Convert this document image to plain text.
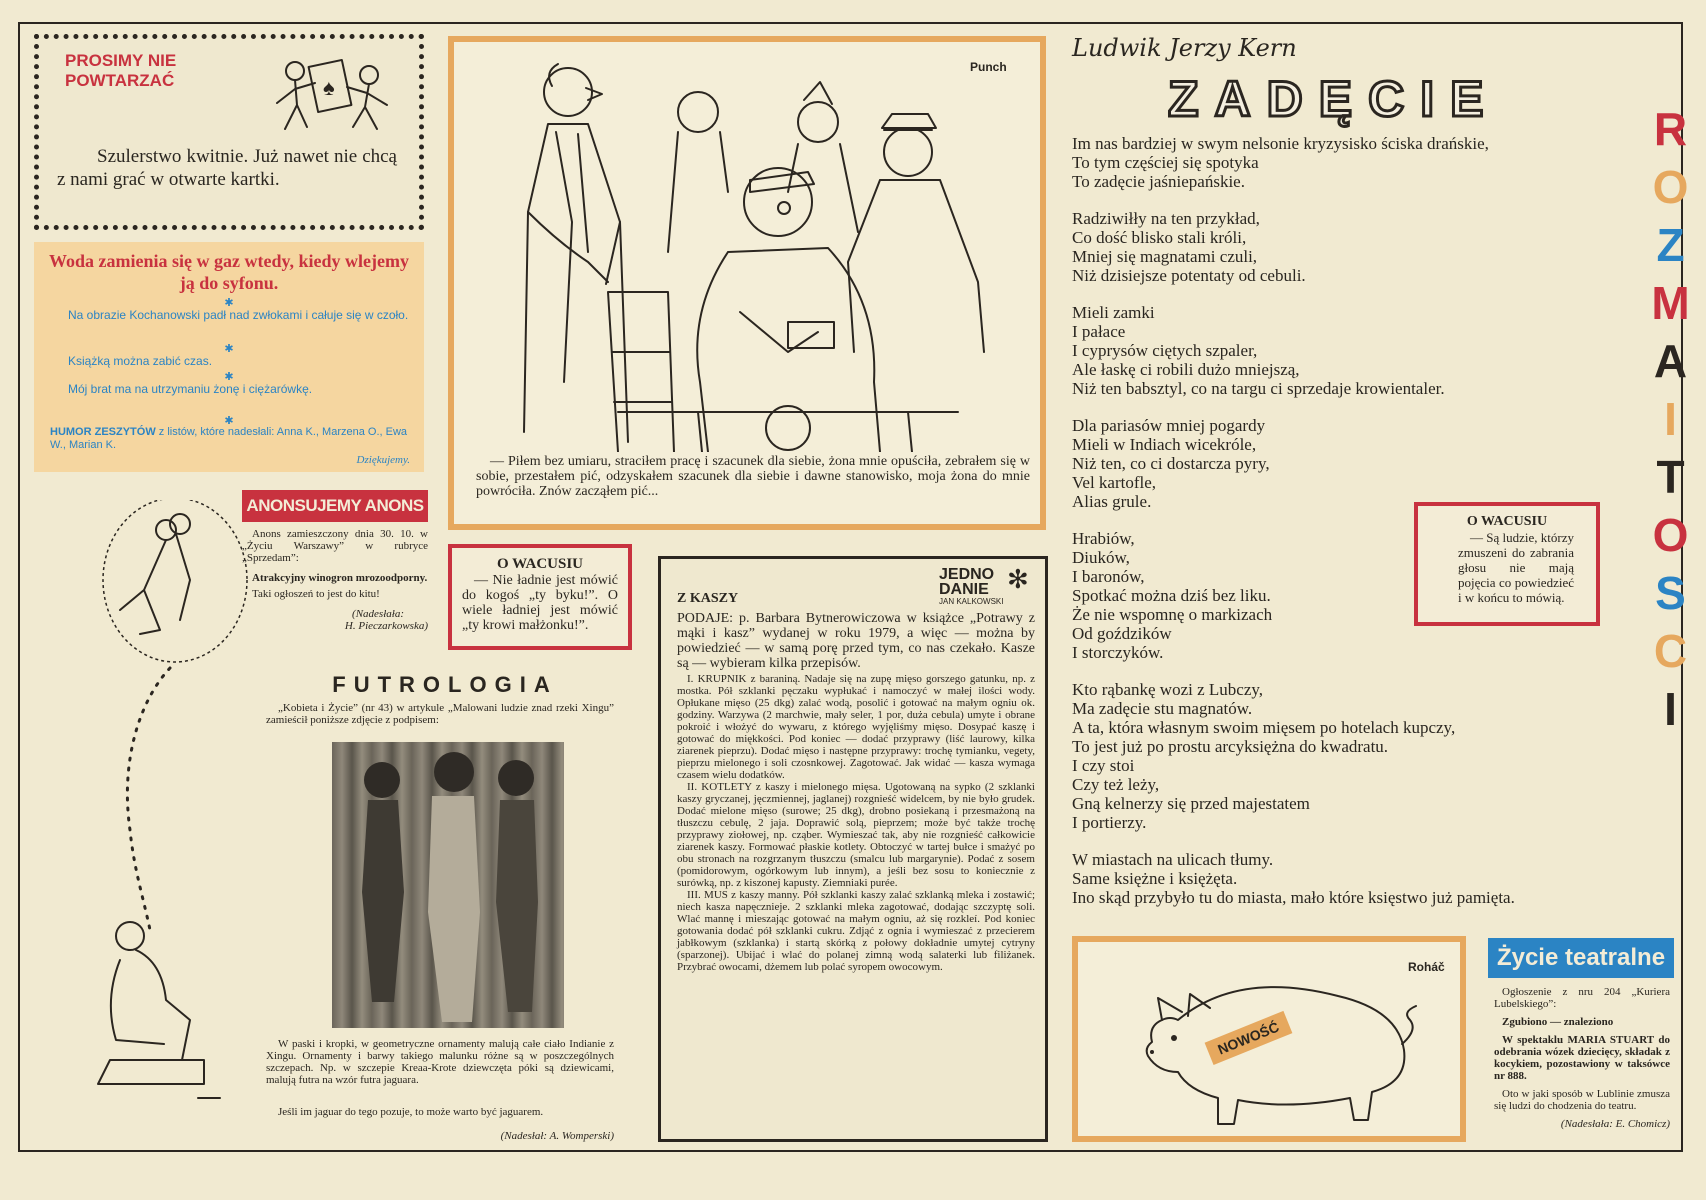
PROSIMY NIE
POWTARZAĆ	♠
Szulerstwo kwitnie. Już nawet nie chcą z nami grać w otwarte kartki.
Woda zamienia się w gaz wtedy, kiedy wlejemy ją do syfonu.
✱
Na obrazie Kochanowski padł nad zwłokami i całuje się w czoło.
✱
Książką można zabić czas.
✱
Mój brat ma na utrzymaniu żonę i ciężarówkę.
✱
HUMOR ZESZYTÓW z listów, które nadesłali: Anna K., Marzena O., Ewa W., Marian K.
Dziękujemy.
Punch
— Piłem bez umiaru, straciłem pracę i szacunek dla siebie, żona mnie opuściła, zebrałem się w sobie, przestałem pić, odzyskałem szacunek dla siebie i dawne stanowisko, moja żona do mnie powróciła. Znów zacząłem pić...
Ludwik Jerzy Kern
ZADĘCIE
Im nas bardziej w swym nelsonie kryzysisko ściska drańskie,
To tym częściej się spotyka
To zadęcie jaśniepańskie.
Radziwiłły na ten przykład,
Co dość blisko stali króli,
Mniej się magnatami czuli,
Niż dzisiejsze potentaty od cebuli.
Mieli zamki
I pałace
I cyprysów ciętych szpaler,
Ale łaskę ci robili dużo mniejszą,
Niż ten babsztyl, co na targu ci sprzedaje krowientaler.
Dla pariasów mniej pogardy
Mieli w Indiach wicekróle,
Niż ten, co ci dostarcza pyry,
Vel kartofle,
Alias grule.
Hrabiów,
Diuków,
I baronów,
Spotkać można dziś bez liku.
Że nie wspomnę o markizach
Od goździków
I storczyków.
Kto rąbankę wozi z Lubczy,
Ma zadęcie stu magnatów.
A ta, która własnym swoim mięsem po hotelach kupczy,
To jest już po prostu arcyksiężna do kwadratu.
I czy stoi
Czy też leży,
Gną kelnerzy się przed majestatem
I portierzy.
W miastach na ulicach tłumy.
Same księżne i księżęta.
Ino skąd przybyło tu do miasta, mało które księstwo już pamięta.
R
O
Z
M
A
I
T
O
S
C
I
ANONSUJEMY ANONS
Anons zamieszczony dnia 30. 10. w „Życiu Warszawy” w rubryce „Sprzedam”:
Atrakcyjny winogron mrozoodporny.
Taki ogłoszeń to jest do kitu!
(Nadesłała:
H. Pieczarkowska)
O WACUSIU
— Nie ładnie jest mówić do kogoś „ty byku!”. O wiele ładniej jest mówić „ty krowi małżonku!”.
O WACUSIU
— Są ludzie, którzy zmuszeni do zabrania głosu nie mają pojęcia co powiedzieć i w końcu to mówią.
FUTROLOGIA
„Kobieta i Życie” (nr 43) w artykule „Malowani ludzie znad rzeki Xingu” zamieścił poniższe zdjęcie z podpisem:
W paski i kropki, w geometryczne ornamenty malują całe ciało Indianie z Xingu. Ornamenty i barwy takiego malunku różne są w poszczególnych szczepach. Np. w szczepie Kreaa-Krote dziewczęta póki są dziewicami, malują futra na wzór futra jaguara.
Jeśli im jaguar do tego pozuje, to może warto być jaguarem.
(Nadesłał: A. Womperski)
JEDNO
DANIE
JAN KALKOWSKI
✻
Z KASZY
PODAJE: p. Barbara Bytnerowiczowa w książce „Potrawy z mąki i kasz” wydanej w roku 1979, a więc — można by powiedzieć — w samą porę przed tym, co nas czekało. Kasze są — wybieram kilka przepisów.

I. KRUPNIK z baraniną. Nadaje się na zupę mięso gorszego gatunku, np. z mostka. Pół szklanki pęczaku wypłukać i namoczyć w małej ilości wody. Opłukane mięso (25 dkg) zalać wodą, posolić i gotować na małym ogniu ok. godziny. Warzywa (2 marchwie, mały seler, 1 por, duża cebula) umyte i obrane pokroić i włożyć do wywaru, z którego wyjęliśmy mięso. Dosypać kaszę i gotować do miękkości. Pod koniec — dodać przyprawy (liść laurowy, kilka ziarenek pieprzu). Dodać mięso i następne przyprawy: trochę tymianku, vegety, pieprzu mielonego i soli czosnkowej. Zagotować. Jak widać — kasza wymaga czasem wielu dodatków.

II. KOTLETY z kaszy i mielonego mięsa. Ugotowaną na sypko (2 szklanki kaszy gryczanej, jęczmiennej, jaglanej) rozgnieść widelcem, by nie było grudek. Dodać mielone mięso (surowe; 25 dkg), drobno posiekaną i przesmażoną na tłuszczu cebulę, 2 jaja. Doprawić solą, pieprzem; może być także trochę przyprawy ziołowej, np. cząber. Wymieszać tak, aby nie rozgnieść całkowicie ziarenek kaszy. Formować płaskie kotlety. Obtoczyć w tartej bułce i smażyć po obu stronach na rozgrzanym tłuszczu (smalcu lub margarynie). Podać z sosem (pomidorowym, ogórkowym lub innym), a jeśli bez sosu to koniecznie z surówką, np. z kiszonej kapusty. Ziemniaki purée.

III. MUS z kaszy manny. Pół szklanki kaszy zalać szklanką mleka i zostawić; niech kasza napęcznieje. 2 szklanki mleka zagotować, dodając szczyptę soli. Wlać mannę i mieszając gotować na małym ogniu, aż się rozkleí. Pod koniec gotowania dodać pół szklanki cukru. Zdjąć z ognia i wymieszać z przecierem jabłkowym (szklanka) i startą skórką z połowy dokładnie umytej cytryny (sparzonej). Ubijać i wlać do polanej zimną wodą salaterki lub filiżanek. Przybrać owocami, dżemem lub polać syropem owocowym.	Roháč
NOWOŚĆ
Życie teatralne
Ogłoszenie z nru 204 „Kuriera Lubelskiego”:
Zgubiono — znaleziono
W spektaklu MARIA STUART do odebrania wózek dziecięcy, składak z kocykiem, pozostawiony w taksówce nr 888.
Oto w jaki sposób w Lublinie zmusza się ludzi do chodzenia do teatru.
(Nadesłała: E. Chomicz)
